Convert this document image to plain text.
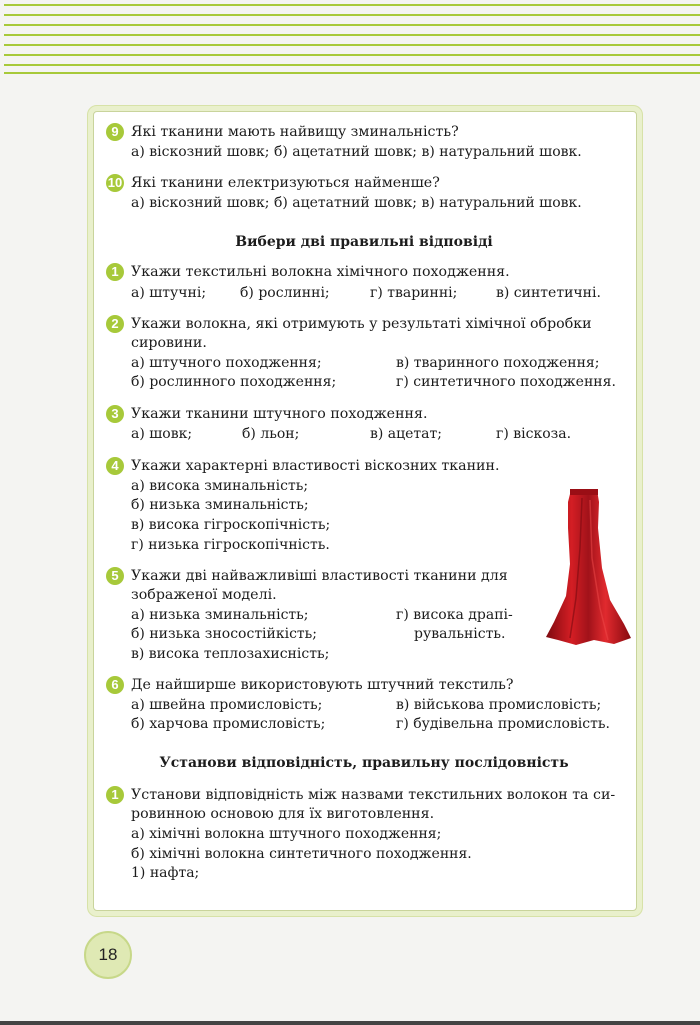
9 Які тканини мають найвищу зминальність?
а) віскозний шовк; б) ацетатний шовк; в) натуральний шовк.
10 Які тканини електризуються найменше?
а) віскозний шовк; б) ацетатний шовк; в) натуральний шовк.
Вибери дві правильні відповіді
1 Укажи текстильні волокна хімічного походження.
а) штучні; б) рослинні;	г) тваринні;	в) синтетичні.
2 Укажи волокна, які отримують у результаті хімічної обробки
сировини.
а) штучного походження;	в) тваринного походження;
б) рослинного походження;	г) синтетичного походження.
3 Укажи тканини штучного походження.
а) шовк;	б) льон;	в) ацетат;	г) віскоза.
4 Укажи характерні властивості віскозних тканин.
а) висока зминальність;
б) низька зминальність;
в) висока гігроскопічність;
г) низька гігроскопічність.
5 Укажи дві найважливіші властивості тканини для
зображеної моделі.
а) низька зминальність;	г) висока драпі-
б) низька зносостійкість;	рувальність.
в) висока теплозахисність;
6 Де найширше використовують штучний текстиль?
а) швейна промисловість;	в) військова промисловість;
б) харчова промисловість;	г) будівельна промисловість.
Установи відповідність, правильну послідовність
1 Установи відповідність між назвами текстильних волокон та си-
ровинною основою для їх виготовлення.
а) хімічні волокна штучного походження;
б) хімічні волокна синтетичного походження.
1) нафта;
18
